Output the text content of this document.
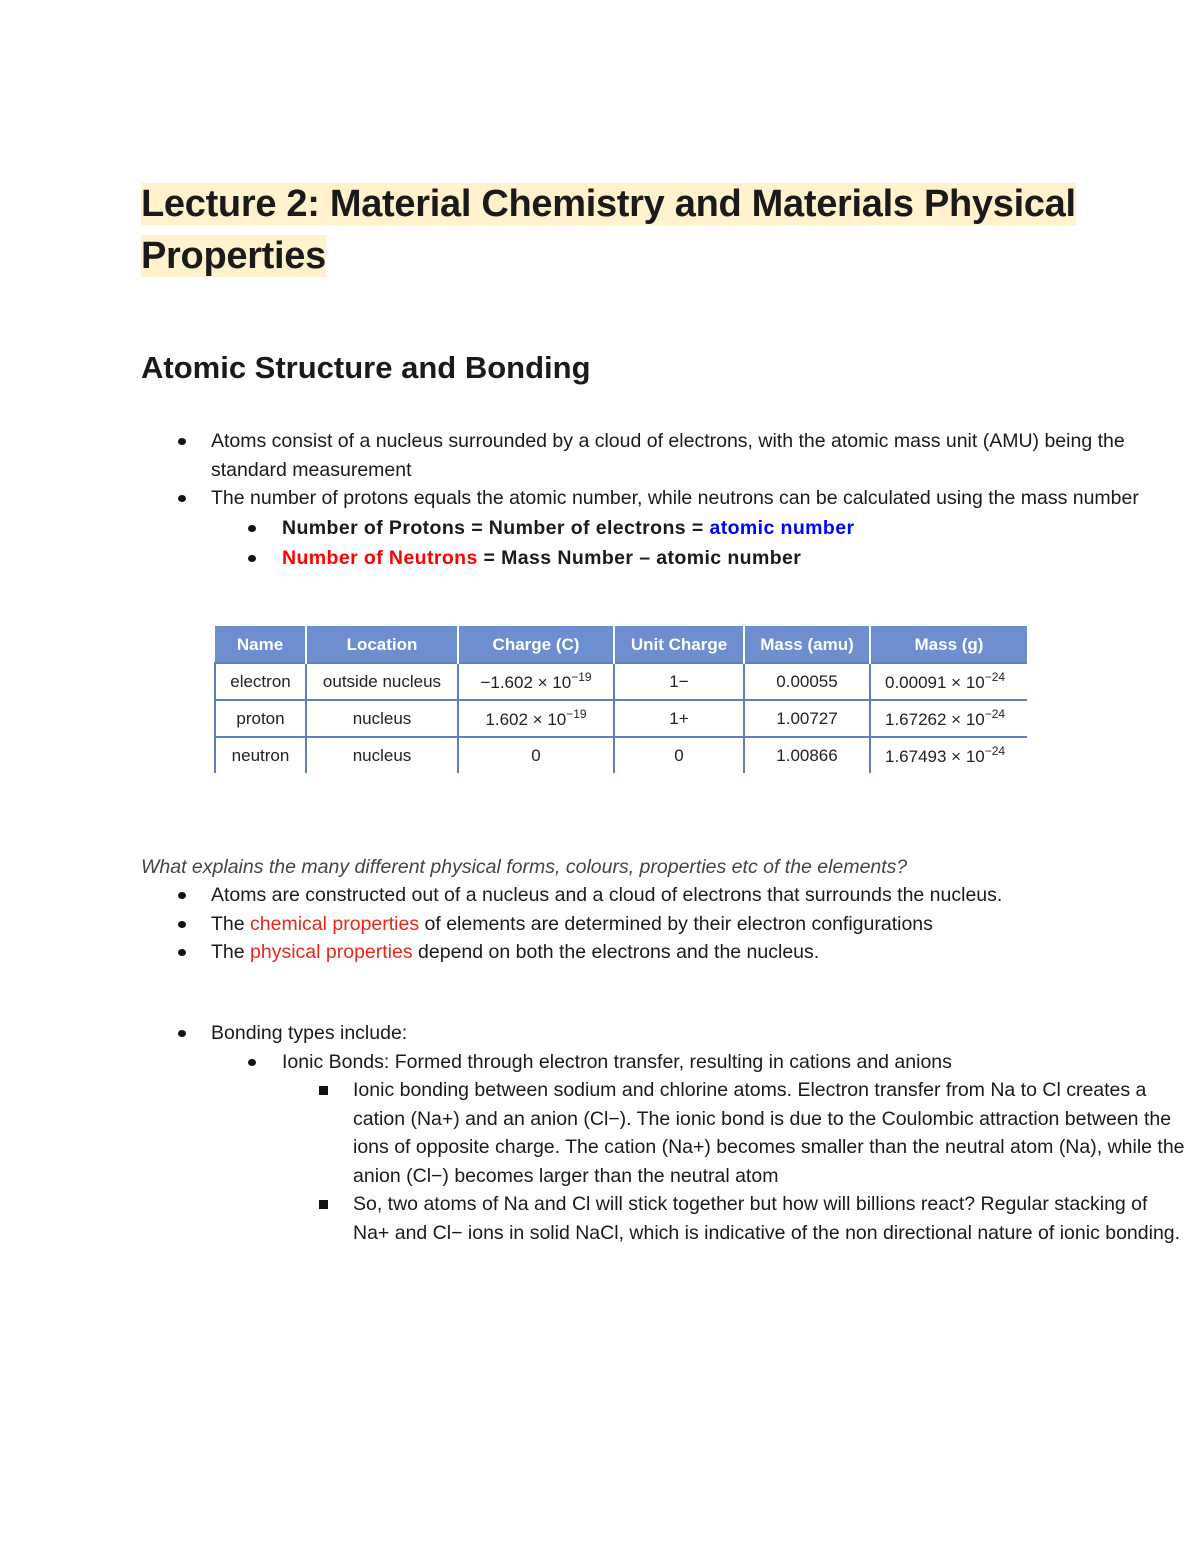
Lecture 2: Material Chemistry and Materials Physical Properties
Atomic Structure and Bonding
Atoms consist of a nucleus surrounded by a cloud of electrons, with the atomic mass unit (AMU) being the standard measurement
The number of protons equals the atomic number, while neutrons can be calculated using the mass number
Number of Protons = Number of electrons = atomic number
Number of Neutrons = Mass Number – atomic number
Name	Location	Charge (C)	Unit Charge	Mass (amu)	Mass (g)
electron	outside nucleus	$-1.602 \times 10^{-19}$	1−	0.00055	$0.00091 \times 10^{-24}$
proton	nucleus	$1.602 \times 10^{-19}$	1+	1.00727	$1.67262 \times 10^{-24}$
neutron	nucleus	0	0	1.00866	$1.67493 \times 10^{-24}$
What explains the many different physical forms, colours, properties etc of the elements?
Atoms are constructed out of a nucleus and a cloud of electrons that surrounds the nucleus.
The chemical properties of elements are determined by their electron configurations
The physical properties depend on both the electrons and the nucleus.
Bonding types include:
Ionic Bonds: Formed through electron transfer, resulting in cations and anions
Ionic bonding between sodium and chlorine atoms. Electron transfer from Na to Cl creates a cation (Na+) and an anion (Cl−). The ionic bond is due to the Coulombic attraction between the ions of opposite charge. The cation (Na+) becomes smaller than the neutral atom (Na), while the anion (Cl−) becomes larger than the neutral atom
So, two atoms of Na and Cl will stick together but how will billions react? Regular stacking of Na+ and Cl− ions in solid NaCl, which is indicative of the non directional nature of ionic bonding.
